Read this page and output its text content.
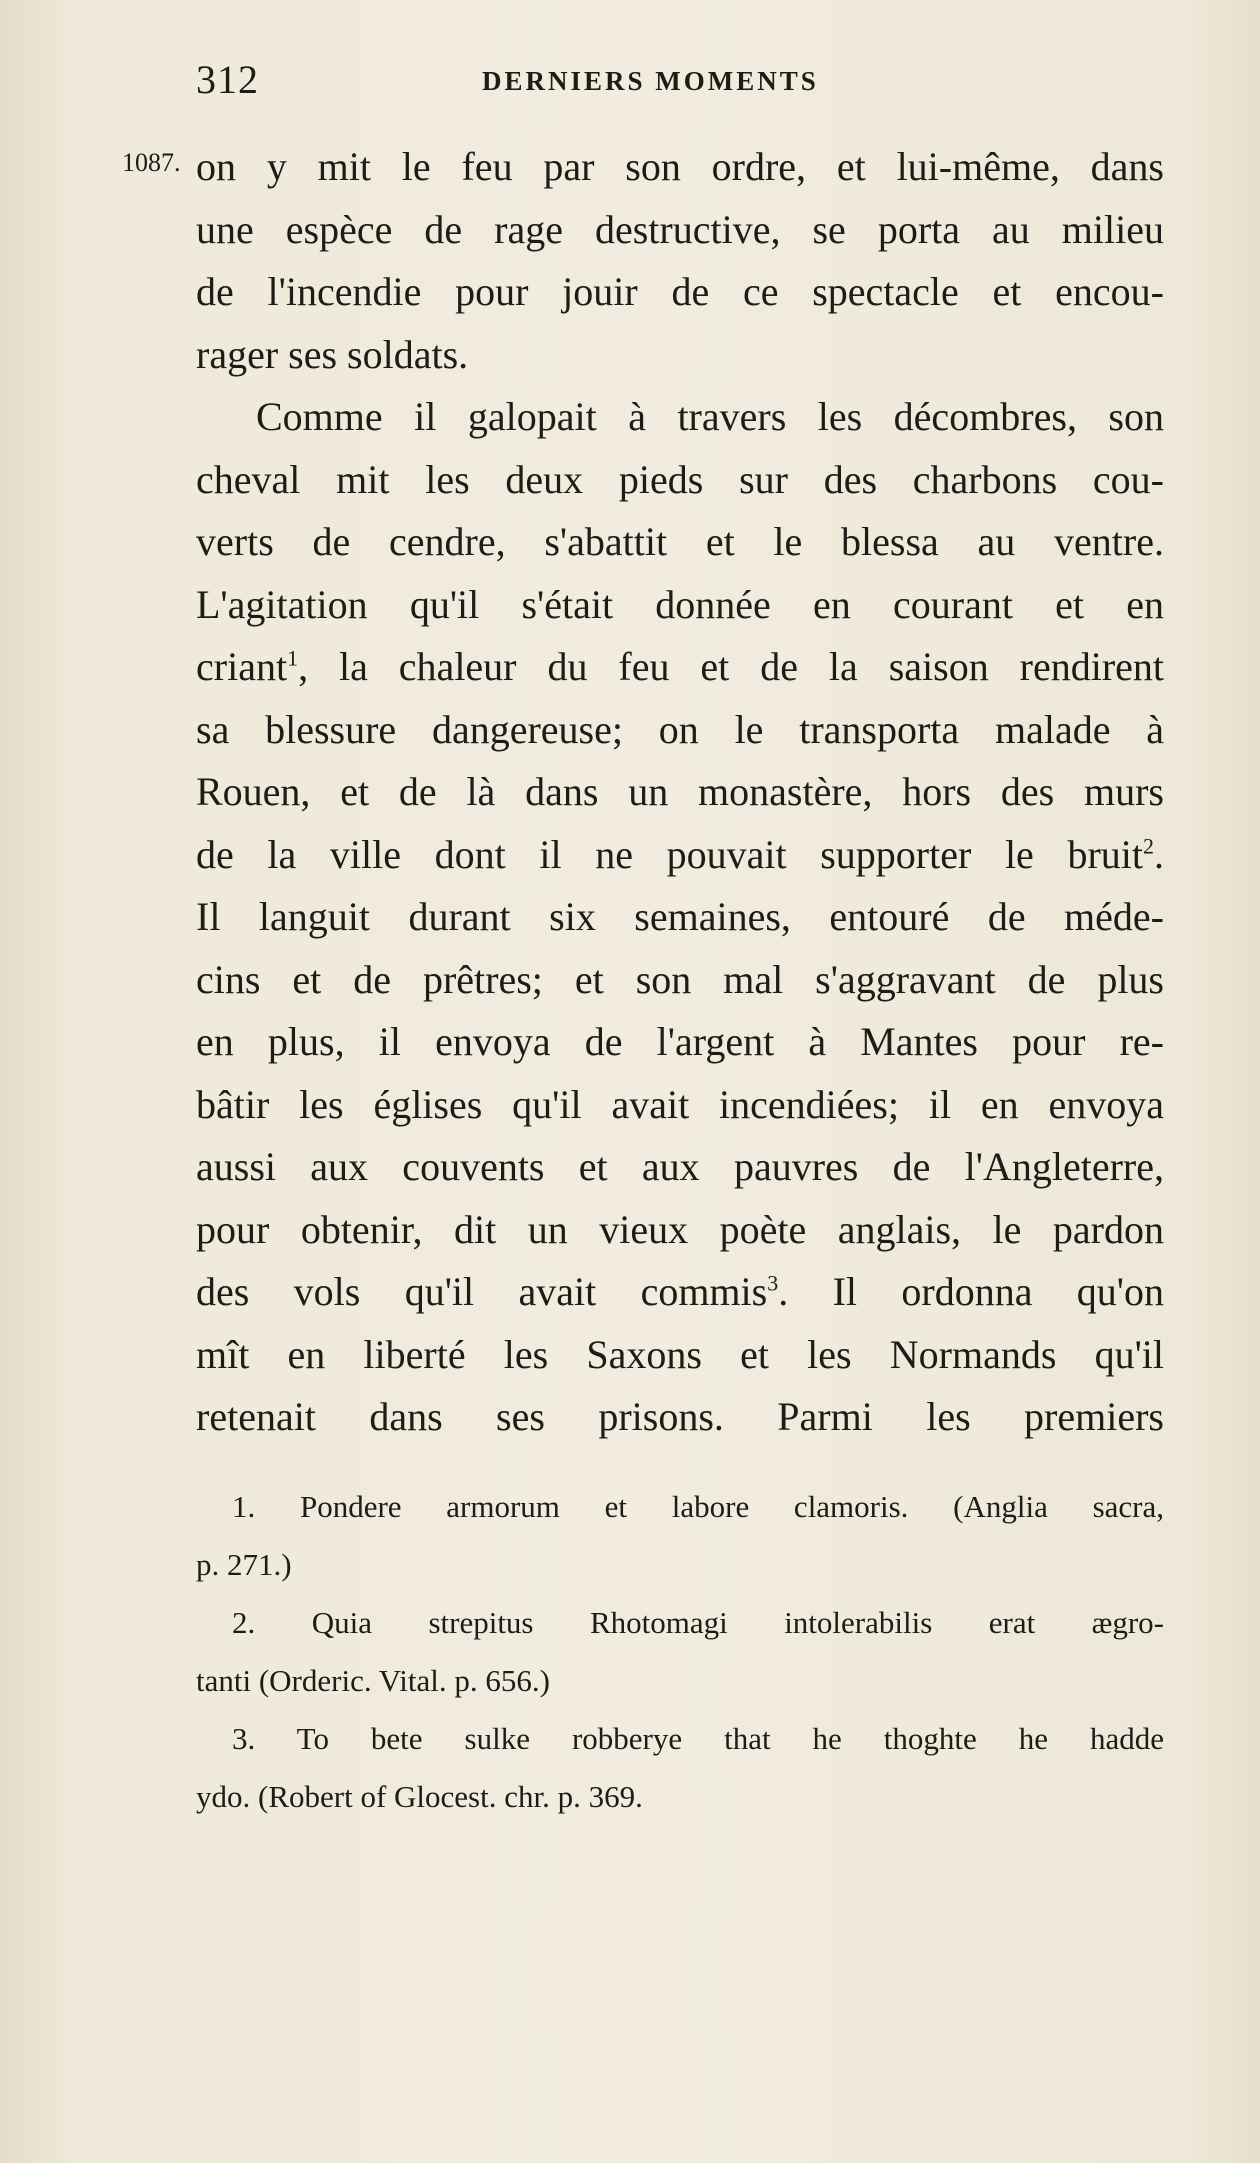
312	DERNIERS MOMENTS
1087. on y mit le feu par son ordre, et lui-même, dans
une espèce de rage destructive, se porta au milieu
de l'incendie pour jouir de ce spectacle et encou-
rager ses soldats.
Comme il galopait à travers les décombres, son
cheval mit les deux pieds sur des charbons cou-
verts de cendre, s'abattit et le blessa au ventre.
L'agitation qu'il s'était donnée en courant et en
criant$^1$, la chaleur du feu et de la saison rendirent
sa blessure dangereuse; on le transporta malade à
Rouen, et de là dans un monastère, hors des murs
de la ville dont il ne pouvait supporter le bruit$^2$.
Il languit durant six semaines, entouré de méde-
cins et de prêtres; et son mal s'aggravant de plus
en plus, il envoya de l'argent à Mantes pour re-
bâtir les églises qu'il avait incendiées; il en envoya
aussi aux couvents et aux pauvres de l'Angleterre,
pour obtenir, dit un vieux poète anglais, le pardon
des vols qu'il avait commis$^3$. Il ordonna qu'on
mît en liberté les Saxons et les Normands qu'il
retenait dans ses prisons. Parmi les premiers
1. Pondere armorum et labore clamoris. (Anglia sacra,
p. 271.)
2. Quia strepitus Rhotomagi intolerabilis erat ægro-
tanti (Orderic. Vital. p. 656.)
3. To bete sulke robberye that he thoghte he hadde
ydo. (Robert of Glocest. chr. p. 369.
